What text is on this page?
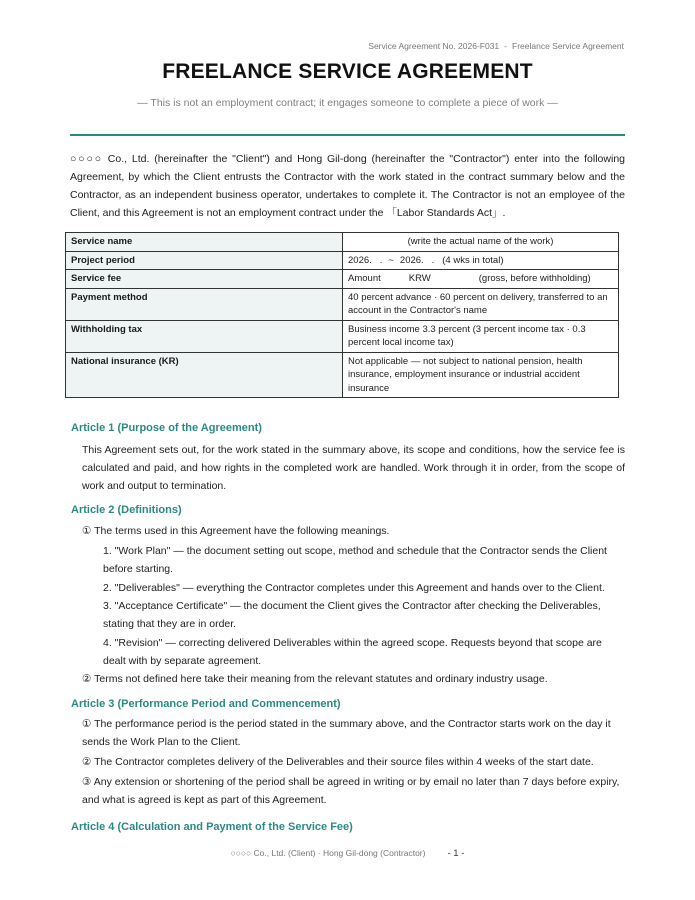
Service Agreement No. 2026-F031 - Freelance Service Agreement
FREELANCE SERVICE AGREEMENT
— This is not an employment contract; it engages someone to complete a piece of work —
○○○○ Co., Ltd. (hereinafter the "Client") and Hong Gil-dong (hereinafter the "Contractor") enter into the following Agreement, by which the Client entrusts the Contractor with the work stated in the contract summary below and the Contractor, as an independent business operator, undertakes to complete it. The Contractor is not an employee of the Client, and this Agreement is not an employment contract under the 「Labor Standards Act」.
Service name	(write the actual name of the work)
Project period	2026.   . ~ 2026.   . (4 wks in total)
Service fee	Amount KRW (gross, before withholding)
Payment method	40 percent advance · 60 percent on delivery, transferred to an account in the Contractor's name
Withholding tax	Business income 3.3 percent (3 percent income tax · 0.3 percent local income tax)
National insurance (KR)	Not applicable — not subject to national pension, health insurance, employment insurance or industrial accident insurance
Article 1 (Purpose of the Agreement)
This Agreement sets out, for the work stated in the summary above, its scope and conditions, how the service fee is calculated and paid, and how rights in the completed work are handled. Work through it in order, from the scope of work and output to termination.
Article 2 (Definitions)
① The terms used in this Agreement have the following meanings.
1. "Work Plan" — the document setting out scope, method and schedule that the Contractor sends the Client before starting.
2. "Deliverables" — everything the Contractor completes under this Agreement and hands over to the Client.
3. "Acceptance Certificate" — the document the Client gives the Contractor after checking the Deliverables, stating that they are in order.
4. "Revision" — correcting delivered Deliverables within the agreed scope. Requests beyond that scope are dealt with by separate agreement.
② Terms not defined here take their meaning from the relevant statutes and ordinary industry usage.
Article 3 (Performance Period and Commencement)
① The performance period is the period stated in the summary above, and the Contractor starts work on the day it sends the Work Plan to the Client.
② The Contractor completes delivery of the Deliverables and their source files within 4 weeks of the start date.
③ Any extension or shortening of the period shall be agreed in writing or by email no later than 7 days before expiry, and what is agreed is kept as part of this Agreement.
Article 4 (Calculation and Payment of the Service Fee)
○○○○ Co., Ltd. (Client) · Hong Gil-dong (Contractor) - 1 -
